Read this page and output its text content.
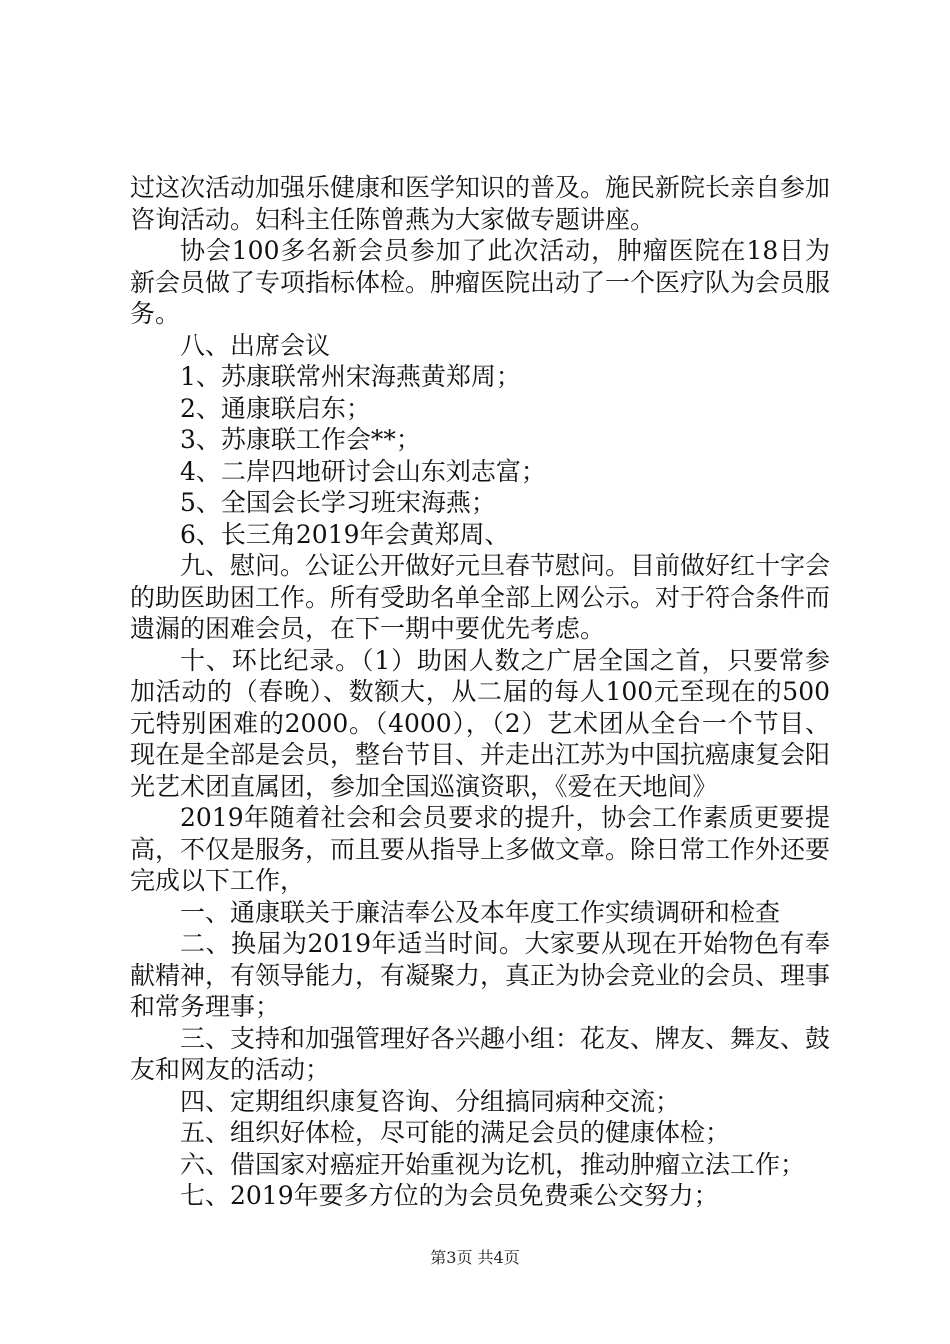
过这次活动加强乐健康和医学知识的普及。施民新院长亲自参加咨询活动。妇科主任陈曾燕为大家做专题讲座。

协会100多名新会员参加了此次活动，肿瘤医院在18日为新会员做了专项指标体检。肿瘤医院出动了一个医疗队为会员服务。

八、出席会议

1、苏康联常州宋海燕黄郑周；

2、通康联启东；

3、苏康联工作会**；

4、二岸四地研讨会山东刘志富；

5、全国会长学习班宋海燕；

6、长三角2019年会黄郑周、

九、慰问。公证公开做好元旦春节慰问。目前做好红十字会的助医助困工作。所有受助名单全部上网公示。对于符合条件而遗漏的困难会员，在下一期中要优先考虑。

十、环比纪录。（1）助困人数之广居全国之首，只要常参加活动的（春晚）、数额大，从二届的每人100元至现在的500元特别困难的2000。（4000），（2）艺术团从全台一个节目、现在是全部是会员，整台节目、并走出江苏为中国抗癌康复会阳光艺术团直属团，参加全国巡演资职，《爱在天地间》

2019年随着社会和会员要求的提升，协会工作素质更要提高，不仅是服务，而且要从指导上多做文章。除日常工作外还要完成以下工作，

一、通康联关于廉洁奉公及本年度工作实绩调研和检查

二、换届为2019年适当时间。大家要从现在开始物色有奉献精神，有领导能力，有凝聚力，真正为协会竞业的会员、理事和常务理事；

三、支持和加强管理好各兴趣小组：花友、牌友、舞友、鼓友和网友的活动；

四、定期组织康复咨询、分组搞同病种交流；

五、组织好体检，尽可能的满足会员的健康体检；

六、借国家对癌症开始重视为讫机，推动肿瘤立法工作；

七、2019年要多方位的为会员免费乘公交努力；

第3页 共4页
